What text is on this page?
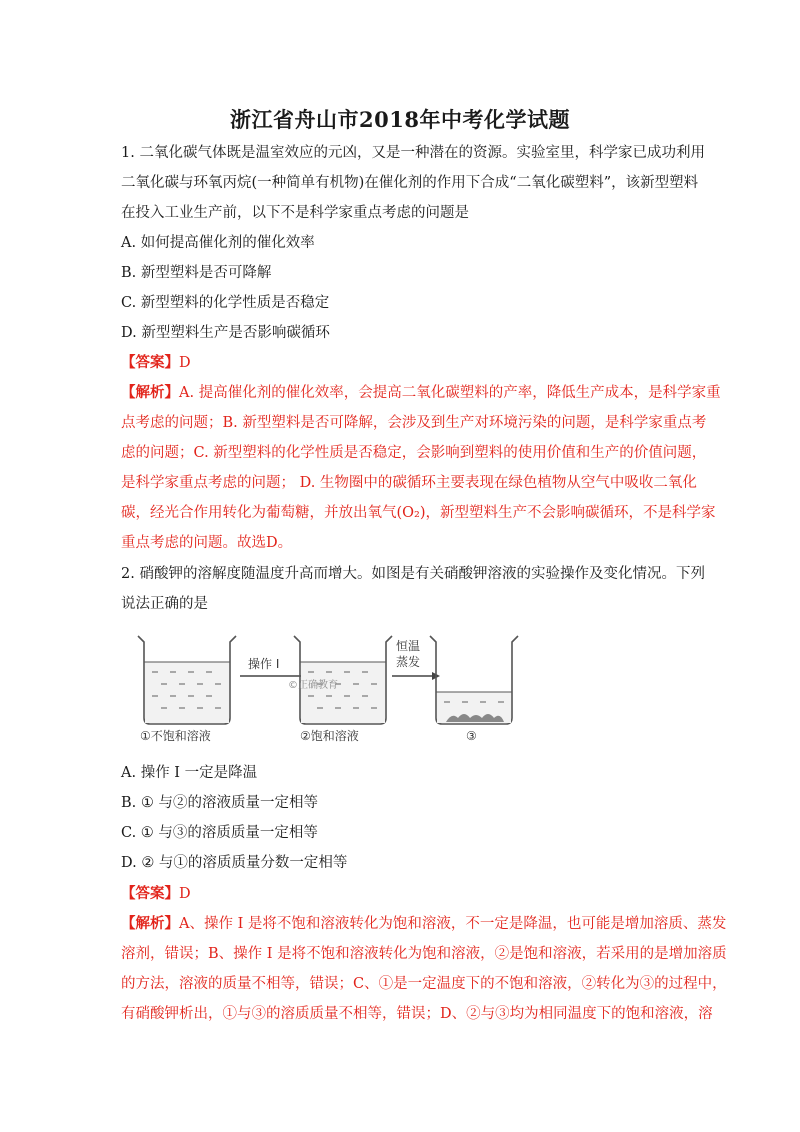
浙江省舟山市2018年中考化学试题
1. 二氧化碳气体既是温室效应的元凶，又是一种潜在的资源。实验室里，科学家已成功利用
二氧化碳与环氧丙烷(一种简单有机物)在催化剂的作用下合成“二氧化碳塑料”，该新型塑料
在投入工业生产前，以下不是科学家重点考虑的问题是
A. 如何提高催化剂的催化效率
B. 新型塑料是否可降解
C. 新型塑料的化学性质是否稳定
D. 新型塑料生产是否影响碳循环
【答案】D
【解析】A. 提高催化剂的催化效率，会提高二氧化碳塑料的产率，降低生产成本，是科学家重
点考虑的问题；B. 新型塑料是否可降解，会涉及到生产对环境污染的问题，是科学家重点考
虑的问题；C. 新型塑料的化学性质是否稳定，会影响到塑料的使用价值和生产的价值问题，
是科学家重点考虑的问题； D. 生物圈中的碳循环主要表现在绿色植物从空气中吸收二氧化
碳，经光合作用转化为葡萄糖，并放出氧气(O₂)，新型塑料生产不会影响碳循环，不是科学家
重点考虑的问题。故选D。
2. 硝酸钾的溶解度随温度升高而增大。如图是有关硝酸钾溶液的实验操作及变化情况。下列
说法正确的是
操作 I
©正确教育
恒温
蒸发
①不饱和溶液	②饱和溶液	③
A. 操作 I 一定是降温
B. ① 与②的溶液质量一定相等
C. ① 与③的溶质质量一定相等
D. ② 与①的溶质质量分数一定相等
【答案】D
【解析】A、操作 I 是将不饱和溶液转化为饱和溶液，不一定是降温，也可能是增加溶质、蒸发
溶剂，错误；B、操作 I 是将不饱和溶液转化为饱和溶液，②是饱和溶液，若采用的是增加溶质
的方法，溶液的质量不相等，错误；C、①是一定温度下的不饱和溶液，②转化为③的过程中，
有硝酸钾析出，①与③的溶质质量不相等，错误；D、②与③均为相同温度下的饱和溶液，溶
